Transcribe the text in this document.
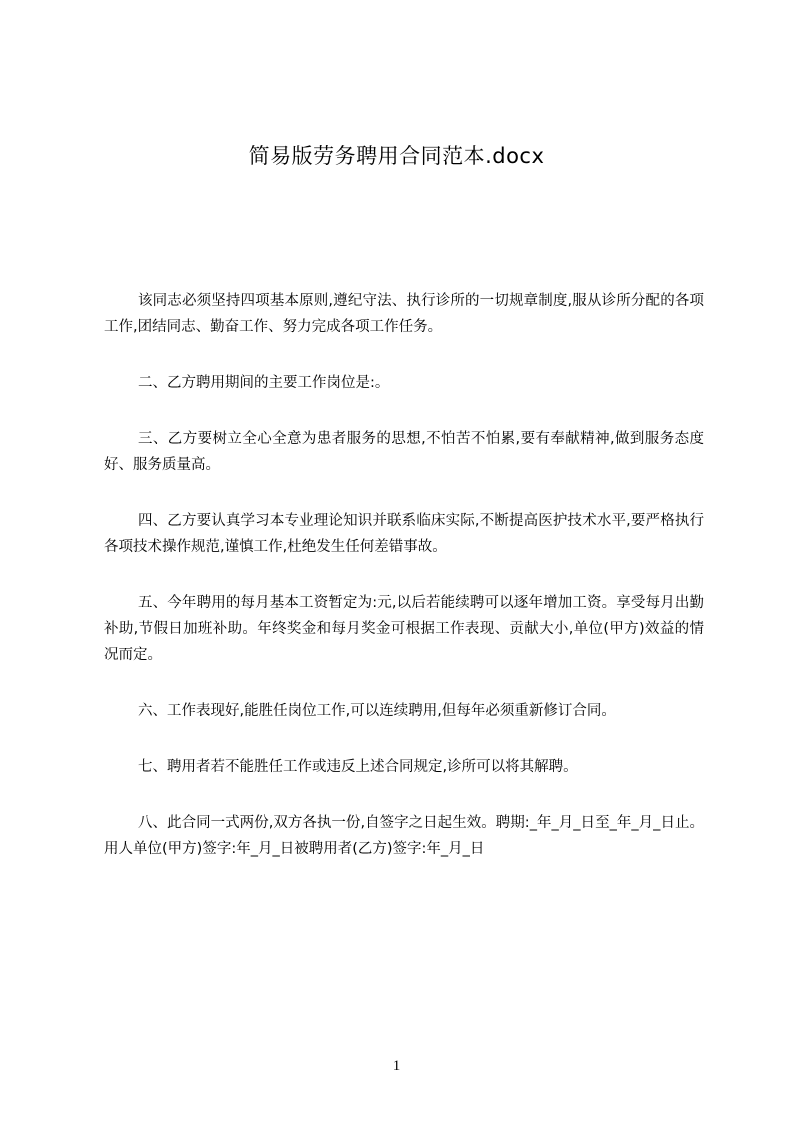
简易版劳务聘用合同范本.docx

该同志必须坚持四项基本原则,遵纪守法、执行诊所的一切规章制度,服从诊所分配的各项工作,团结同志、勤奋工作、努力完成各项工作任务。

二、乙方聘用期间的主要工作岗位是:。

三、乙方要树立全心全意为患者服务的思想,不怕苦不怕累,要有奉献精神,做到服务态度好、服务质量高。

四、乙方要认真学习本专业理论知识并联系临床实际,不断提高医护技术水平,要严格执行各项技术操作规范,谨慎工作,杜绝发生任何差错事故。

五、今年聘用的每月基本工资暂定为:元,以后若能续聘可以逐年增加工资。享受每月出勤补助,节假日加班补助。年终奖金和每月奖金可根据工作表现、贡献大小,单位(甲方)效益的情况而定。

六、工作表现好,能胜任岗位工作,可以连续聘用,但每年必须重新修订合同。

七、聘用者若不能胜任工作或违反上述合同规定,诊所可以将其解聘。

八、此合同一式两份,双方各执一份,自签字之日起生效。聘期:_年_月_日至_年_月_日止。用人单位(甲方)签字:年_月_日被聘用者(乙方)签字:年_月_日

1
